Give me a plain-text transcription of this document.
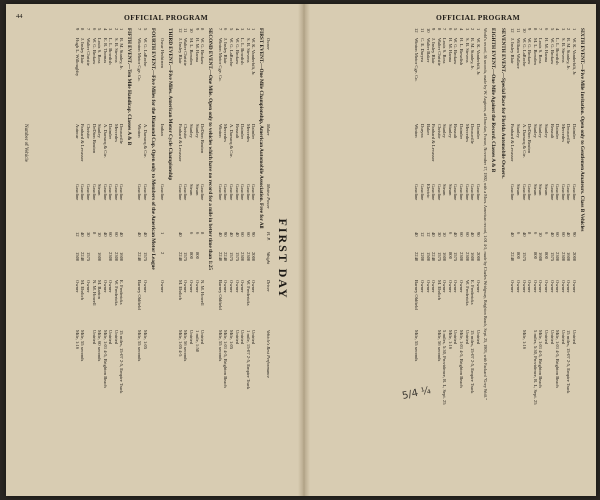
44	OFFICIAL PROGRAM	OFFICIAL PROGRAM
FIRST DAY
Owner
Maker
Motive Power
H. P.
Weight
Driver
Vehicle's Best Performance
FIRST EVENT.—One Mile Championship, American Automobile Association. Free for All
1
W. K. Vanderbilt, Jr.
Daimler
Gasoline
90
2000
Owner
Untried
2
S. B. Stevens
Mercedes
Gasoline
60
2300
W. Fredericks
1 mile, 15-07 2-5, Empire Track
3
L. L. Bowdish
Daimler
Gasoline
60
2300
Owner
Untried
4
W. G. Brokaw
Renault
Gasoline
40
1575
Owner
Untried
5
W. G. LaRoche
A. Darracq & Cie.
Gasoline
40
1575
Owner
Mile, 1:05
6
J. Insley Blair
Mercedes
Gasoline
90
2240
Owner
Mile, 1:01 4-5, Brighton Beach
7
Winton Motor Cge. Co.
Winton
Gasoline
40
2240
Barney Oldfield
Mile, 55 seconds
SECOND EVENT.—One Mile. Open only to vehicles which have no record for a mile in better time than 1:25
8
W. G. Brokaw
DeDion Bouton
Gasoline
8
N. M. Howell
Untried
9
H. M. Hanna
Stanley
Steam
6
800
Owner
1 mile, 1:50
10
M. L. Bowden
Stanley
Steam
6
800
Owner
Untried
11
Walter Christie
Christie
Gasoline
1575
Owner
Mile, 56 seconds
12
J. Insley Blair
Panhard & Levassor
Gasoline
40
2240
M. Ehrlich
Mile, 1:05 4-5
THIRD EVENT.—Five Miles. American Motor Cycle Championship
Oscar Hedstrom
Indian
Gasoline
1
2
Owner
FOURTH EVENT.—Five Miles for the Diamond Cup. Open only to Members of the American Motor League
5
W. G. LaRoche
A. Darracq & Cie.
Gasoline
40
1575
Owner
Mile, 1:05
7
Winton Motor Cge. Co.
Winton
Gasoline
40
2240
Barney Oldfield
Mile, 55 seconds
FIFTH EVENT.—Ten Mile Handicap. Classes A & B
1
R. M. Stanley, Jr.
Decauville
Gasoline
40
1600
E. Fredericks
15 miles, 15-07 2-5, Empire Track
2
S. B. Stevens
Mercedes
Gasoline
60
2300
W. Fredericks
Untried
3
L. L. Bowdish
Daimler
Gasoline
60
2300
Owner
Untried
4
E. R. Thomas
A. Darracq & Cie.
Gasoline
40
Owner
Mile, 1:01 4-5, Brighton Beach
5
Louis S. Ross
Stanley
Steam
10
1600
M. Barton
Mile, 60 seconds
6
W. G. Brokaw
DeDion Bouton
Gasoline
8
N. M. Howell
Untried
7
Walter Christie
Christie
Gasoline
30
1575
Owner
8
J. Insley Blair
Panhard & Levassor
Gasoline
40
2240
M. Ehrlich
Mile, 55 seconds
9
Hugh L. Willoughby
Autocar
Gasoline
12
1500
Owner
Mile, 1:16
SIXTH EVENT.—Five Mile Invitation. Open only to Gentlemen Amateurs. Class B Vehicles
1
W. K. Vanderbilt, Jr.
Daimler
Gasoline
90
2000
Owner
Untried
2
R. M. Stanley, Jr.
Decauville
Gasoline
40
1600
Owner
15 miles, 15-07 2-5, Empire Track
3
S. B. Stevens
Mercedes
Gasoline
60
2300
Owner
Untried
4
L. L. Bowdish
Daimler
Gasoline
60
2300
Owner
Mile, 1:01 4-5, Brighton Beach
5
W. G. Brokaw
Renault
Gasoline
40
1575
Owner
Untried
6
H. M. Hanna
Stanley
Steam
6
800
Owner
Untried
7
Louis S. Ross
Stanley
Steam
10
1600
Owner
Mile, 1:01 4-5, Brighton Beach
8
M. L. Bowden
Stanley
Steam
6
800
Owner
5 miles, 5:30, Providence, R. I., Sept. 25
9
W. G. Brokaw
DeDion Bouton
Gasoline
8
Owner
10
W. G. LaRoche
A. Darracq & Cie.
Gasoline
40
1575
Owner
Mile, 1:16
11
William Wallace
Stanley
Steam
6
800
Owner
12
J. Insley Blair
Panhard & Levassor
Gasoline
40
2240
Owner
SEVENTH EVENT.—Special Race for Florida Automobile Owners.
EIGHTH EVENT.—One Mile Against the Record. Classes A & B
World's record, 56 seconds, made by W. Augieres, at Dourdan, France, November 17, 1902, with a Mors. American record, 1:01 4-5, made by Charles Wridgway, Brighton Beach, Sept. 25, 1903, with Packard "Grey Wolf."
1
W. K. Vanderbilt, Jr.
Daimler
Gasoline
90
2000
Owner
Untried
2
R. M. Stanley, Jr.
Decauville
Gasoline
40
1600
E. Fredericks
15 miles, 15-07 2-5, Empire Track
3
S. B. Stevens
Mercedes
Gasoline
60
2300
W. Fredericks
Untried
4
H. L. Bowdish
Daimler
Gasoline
60
2300
Owner
Mile, 1:01 4-5, Brighton Beach
5
W. G. Brokaw
Renault
Gasoline
40
1575
Owner
Untried
6
H. M. Hanna
Stanley
Steam
6
800
Owner
Mile, 1:16
7
Louis S. Ross
Stanley
Steam
10
1600
Owner
5 miles, 5:30, Providence, R. I., Sept. 25
8
Walter Christie
Christie
Gasoline
30
1575
M. Ehrlich
Mile, 56 seconds
9
J. Insley Blair
Panhard & Levassor
Gasoline
40
2240
Owner
10
Walter Baker
Baker
Electric
12
1500
Owner
11
C. E. Duryea
Duryea
Gasoline
12
1200
Owner
12
Winton Motor Cge. Co.
Winton
Gasoline
40
2240
Barney Oldfield
Mile, 55 seconds
5/4 ¼
Number of Vehicle
